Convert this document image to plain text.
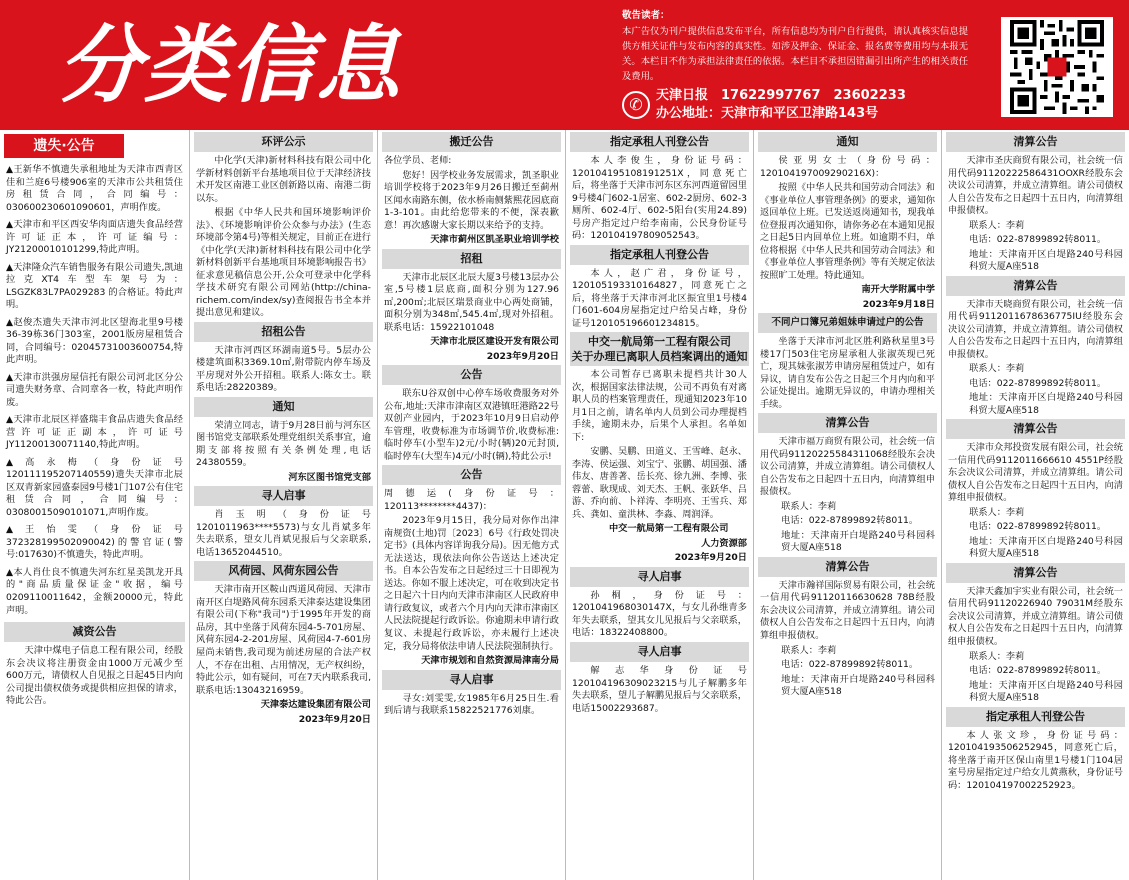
分类信息
敬告读者：
本广告仅为刊户提供信息发布平台，所有信息均为刊户自行提供，请认真核实信息提供方相关证件与发布内容的真实性。如涉及押金、保证金、报名费等费用均与本报无关。本栏目不作为承担法律责任的依据。本栏目不承担因错漏引出所产生的相关责任及费用。
✆	天津日报　17622997767　23602233
办公地址：天津市和平区卫津路143号
遗失·公告
▲王新华不慎遗失承租地址为天津市西青区佳和兰庭6号楼906室的天津市公共租赁住房租赁合同，合同编号：030600230601090601，声明作废。
▲天津市和平区西安华肉面店遗失食品经营许可证正本，许可证编号：JY21200010101299,特此声明。
▲天津隆众汽车销售服务有限公司遗失,凯迪拉克XT4车型车架号为：LSGZK83L7PA029283 的合格证。特此声明。
▲赵俊杰遗失天津市河北区望海北里9号楼36-39栋36门303室，2001版房屋租赁合同，合同编号：02045731003600754,特此声明。
▲天津市洪强房屋信托有限公司河北区分公司遗失财务章、合同章各一枚，特此声明作废。
▲天津市北辰区祥盛瑞丰食品店遗失食品经营许可证正副本，许可证号JY11200130071140,特此声明。
▲高永梅（身份证号120111195207140559)遗失天津市北辰区双青新家园盛泰园9号楼1门107公有住宅租赁合同，合同编号：03080015090101071,声明作废。
▲王怡雯（身份证号372328199502090042)的警官证(警号:017630)不慎遗失，特此声明。
▲本人肖仕良不慎遗失河东红星美凯龙开具的"商品质量保证金"收据，编号0209110011642，金额20000元，特此声明。
减资公告

天津中煤电子信息工程有限公司，经股东会决议将注册资金由1000万元减少至600万元，请债权人自见报之日起45日内向公司提出债权债务或提供相应担保的请求，特此公告。

环评公示

中化学(天津)新材料科技有限公司中化学新材料创新平台基地项目位于天津经济技术开发区南港工业区创新路以南、南港二街以东。

根据《中华人民共和国环境影响评价法》、《环境影响评价公众参与办法》(生态环境部令第4号)等相关规定，目前正在进行《中化学(天津)新材料科技有限公司中化学新材料创新平台基地项目环境影响报告书》征求意见稿信息公开,公众可登录中化学科学技术研究有限公司网站(http://china-richem.com/index/sy)查阅报告书全本并提出意见和建议。

招租公告

天津市河西区环湖南道5号。5层办公楼建筑面积3369.10㎡,附带院内停车场及平房现对外公开招租。联系人:陈女士。联系电话:28220389。

通知

荣清立同志，请于9月28日前与河东区图书馆党支部联系处理党组织关系事宜，逾期支部将按照有关条例处理,电话24380559。

河东区图书馆党支部

寻人启事

肖玉明（身份证号1201011963****5573)与女儿肖斌多年失去联系，望女儿肖斌见报后与父亲联系,电话13652044510。

风荷园、风荷东园公告

天津市南开区鞍山西道风荷园、天津市南开区白堤路风荷东园系天津泰达建设集团有限公司(下称"我司")于1995年开发的商品房，其中坐落于风荷东园4-5-701房屋、风荷东园4-2-201房屋、风荷园4-7-601房屋尚未销售,我司现为前述房屋的合法产权人，不存在出租、占用情况，无产权纠纷，特此公示，如有疑问，可在7天内联系我司,联系电话:13043216959。

天津泰达建设集团有限公司

2023年9月20日

搬迁公告

各位学员、老师:

您好！因学校业务发展需求，凯圣职业培训学校将于2023年9月26日搬迁至蓟州区闻水南路东侧，依水桥南侧紫熙花园底商1-3-101。由此给您带来的不便，深表歉意！再次感谢大家长期以来给予的支持。

天津市蓟州区凯圣职业培训学校

招租

天津市北辰区北辰大厦3号楼13层办公室,5号楼1层底商,面积分别为127.96㎡,200㎡;北辰区瑞景商业中心两处商铺，面积分别为348㎡,545.4㎡,现对外招租。联系电话：15922101048

天津市北辰区建设开发有限公司

2023年9月20日

公告

联东U谷双创中心停车场收费服务对外公布,地址:天津市津南区双港镇旺港路22号双创产业园内，于2023年10月9日启动停车管理，收费标准为市场调节价,收费标准:临时停车(小型车)2元/小时(辆)20元封顶,临时停车(大型车)4元/小时(辆),特此公示!

公告

周德运(身份证号：120113********4437)：

2023年9月15日，我分局对你作出津南规资(土地)罚〔2023〕6号《行政处罚决定书》(具体内容详询我分局)。因无他方式无法送达，现依法向你公告送达上述决定书。自本公告发布之日起经过三十日即视为送达。你如不服上述决定，可在收到决定书之日起六十日内向天津市津南区人民政府申请行政复议，或者六个月内向天津市津南区人民法院提起行政诉讼。你逾期未申请行政复议、未提起行政诉讼，亦未履行上述决定，我分局将依法申请人民法院强制执行。

天津市规划和自然资源局津南分局

寻人启事

寻女:刘雯雯,女1985年6月25日生.看到后请与我联系15822521776刘康。

指定承租人刊登公告

本人李俊生，身份证号码：120104195108191251X，同意死亡后，将坐落于天津市河东区东河西道留园里9号楼4门602-1居室、602-2厨房、602-3厕所、602-4厅、602-5阳台(实用24.89)号房产指定过户给李南南，公民身份证号码：120104197809052543。

指定承租人刊登公告

本人，赵广君，身份证号，120105193310164827，同意死亡之后，将坐落于天津市河北区振宜里1号楼4门601-604房屋指定过户给吴占峰，身份证号120105196601234815。

中交一航局第一工程有限公司
关于办理已离职人员档案调出的通知

本公司暂存已离职未提档共计30人次，根据国家法律法规，公司不再负有对离职人员的档案管理责任，现通知2023年10月1日之前，请名单内人员到公司办理提档手续，逾期未办，后果个人承担。名单如下:

安鹏、吴鹏、田道义、王雪峰、赵永、李涛、侯运强、刘宝宁、张鹏、胡国强、潘伟友、唐善著、岳长亮、徐九洲、李博、张蓉蕾、耿现成、刘天杰、王帆、张跃华、吕游、乔向前、卜祥涛、李明亮、王雪兵、郑兵、龚如、童洪林、李淼、周润泽。

中交一航局第一工程有限公司

人力资源部

2023年9月20日

寻人启事

孙桐，身份证号：1201041968030147X，与女儿孙维青多年失去联系，望其女儿见报后与父亲联系，电话：18322408800。

寻人启事

解志华身份证号120104196309023215与儿子解鹏多年失去联系，望儿子解鹏见报后与父亲联系，电话15002293687。

通知

侯亚男女士（身份号码：120104197009290216X)：

按照《中华人民共和国劳动合同法》和《事业单位人事管理条例》的要求，通知你返回单位上班。已发送返岗通知书，现我单位登报再次通知你，请你务必在本通知见报之日起5日内回单位上班。如逾期不归，单位将根据《中华人民共和国劳动合同法》和《事业单位人事管理条例》等有关规定依法按照旷工处理。特此通知。

南开大学附属中学

2023年9月18日

不同户口簿兄弟姐妹申请过户的公告

坐落于天津市河北区胜利路秋星里3号楼17门503住宅房屋承租人张淑英现已死亡，现其妹张淑芳申请房屋租赁过户，如有异议，请自发布公告之日起三个月内向和平公证处提出。逾期无异议的，申请办理相关手续。

清算公告

天津市福万商贸有限公司，社会统一信用代码91120225584311068经股东会决议公司清算，并成立清算组。请公司债权人自公告发布之日起四十五日内，向清算组申报债权。

联系人：李莉

电话：022-87899892转8011。

地址：天津南开白堤路240号科园科贸大厦A座518

清算公告

天津市瀚祥国际贸易有限公司，社会统一信用代码91120116630628 78B经股东会决议公司清算，并成立清算组。请公司债权人自公告发布之日起四十五日内，向清算组申报债权。

联系人：李莉

电话：022-87899892转8011。

地址：天津南开白堤路240号科园科贸大厦A座518

清算公告

天津市圣庆商贸有限公司，社会统一信用代码91120222586431OOXR经股东会决议公司清算，并成立清算组。请公司债权人自公告发布之日起四十五日内，向清算组申报债权。

联系人：李莉

电话：022-87899892转8011。

地址：天津南开区白堤路240号科园科贸大厦A座518

清算公告

天津市天晓商贸有限公司，社会统一信用代码9112011678636775IU经股东会决议公司清算，并成立清算组。请公司债权人自公告发布之日起四十五日内，向清算组申报债权。

联系人：李莉

电话：022-87899892转8011。

地址：天津南开区白堤路240号科园科贸大厦A座518

清算公告

天津市众邦投资发展有限公司，社会统一信用代码9112011666610 4551P经股东会决议公司清算，并成立清算组。请公司债权人自公告发布之日起四十五日内，向清算组申报债权。

联系人：李莉

电话：022-87899892转8011。

地址：天津南开区白堤路240号科园科贸大厦A座518

清算公告

天津天鑫加宇实业有限公司，社会统一信用代码91120226940 79031M经股东会决议公司清算，并成立清算组。请公司债权人自公告发布之日起四十五日内，向清算组申报债权。

联系人：李莉

电话：022-87899892转8011。

地址：天津南开区白堤路240号科园科贸大厦A座518

指定承租人刊登公告

本人张文珍，身份证号码：120104193506252945，同意死亡后，将坐落于南开区保山南里1号楼1门104居室号房屋指定过户给女儿黄燕秋，身份证号码：120104197002252923。
